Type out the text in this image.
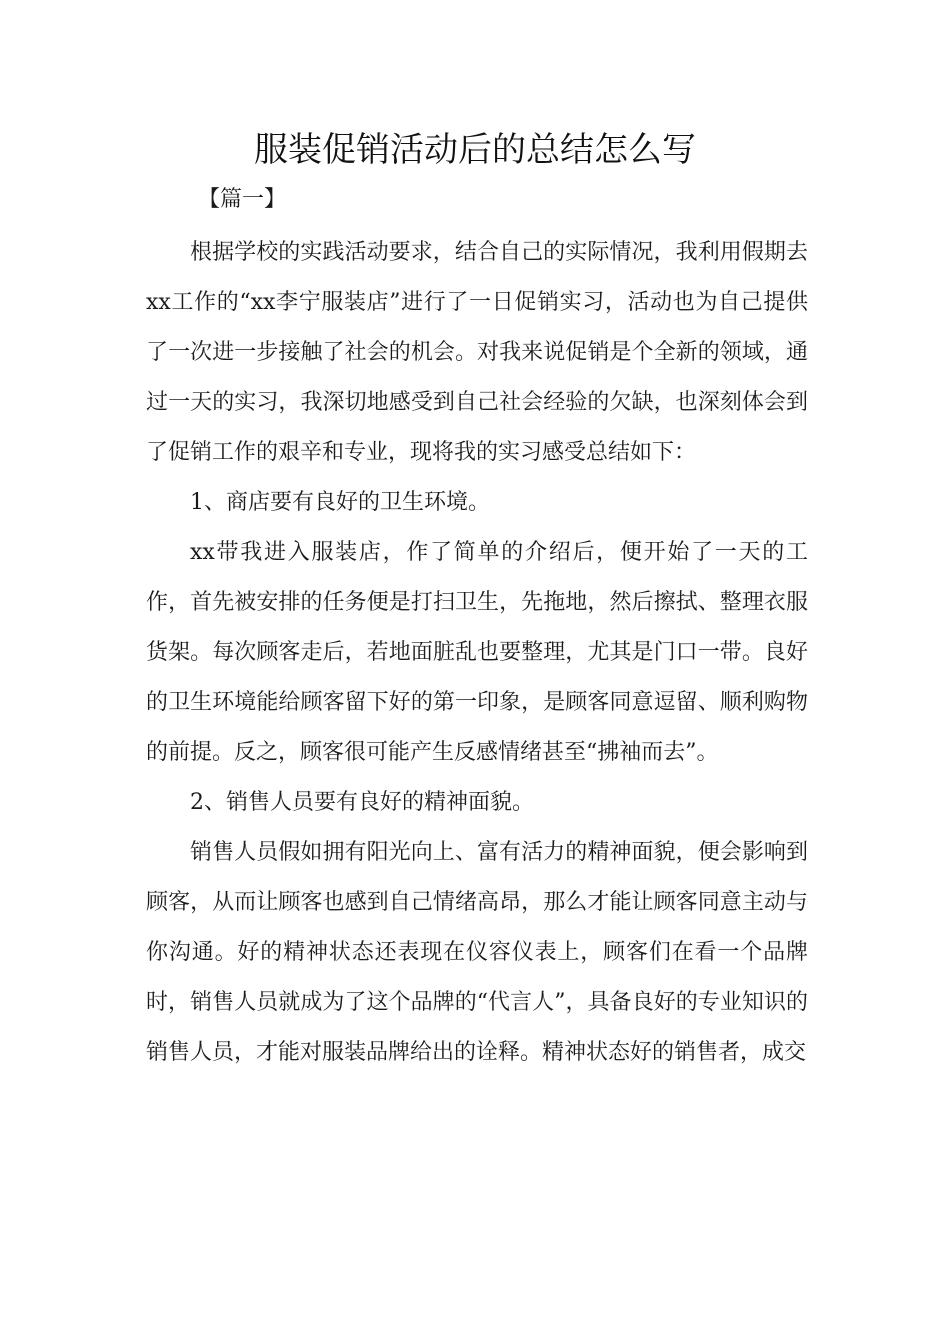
服装促销活动后的总结怎么写
【篇一】

根据学校的实践活动要求，结合自己的实际情况，我利用假期去xx工作的“xx李宁服装店”进行了一日促销实习，活动也为自己提供了一次进一步接触了社会的机会。对我来说促销是个全新的领域，通过一天的实习，我深切地感受到自己社会经验的欠缺，也深刻体会到了促销工作的艰辛和专业，现将我的实习感受总结如下：

1、商店要有良好的卫生环境。

xx带我进入服装店，作了简单的介绍后，便开始了一天的工作，首先被安排的任务便是打扫卫生，先拖地，然后擦拭、整理衣服货架。每次顾客走后，若地面脏乱也要整理，尤其是门口一带。良好的卫生环境能给顾客留下好的第一印象，是顾客同意逗留、顺利购物的前提。反之，顾客很可能产生反感情绪甚至“拂袖而去”。

2、销售人员要有良好的精神面貌。

销售人员假如拥有阳光向上、富有活力的精神面貌，便会影响到顾客，从而让顾客也感到自己情绪高昂，那么才能让顾客同意主动与你沟通。好的精神状态还表现在仪容仪表上，顾客们在看一个品牌时，销售人员就成为了这个品牌的“代言人”，具备良好的专业知识的销售人员，才能对服装品牌给出的诠释。精神状态好的销售者，成交
